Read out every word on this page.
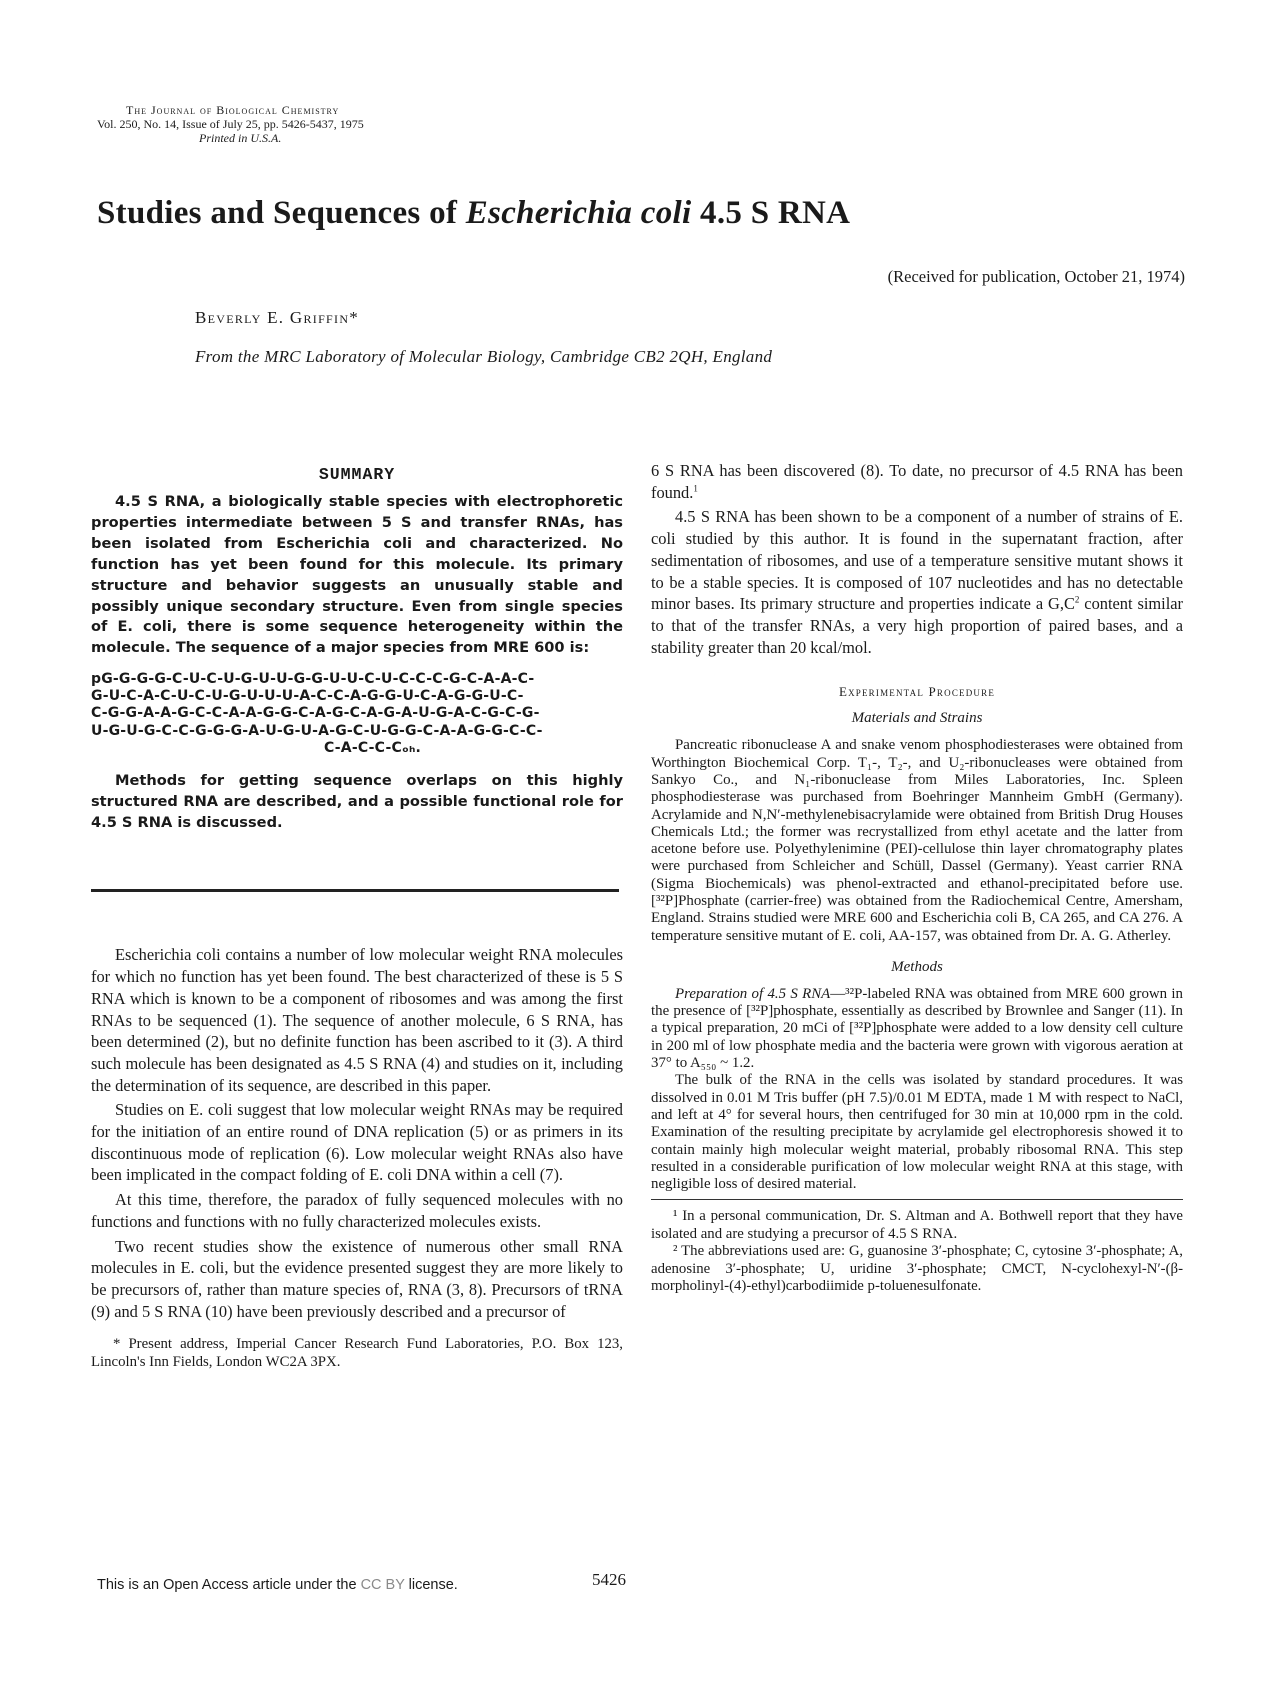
The Journal of Biological Chemistry
Vol. 250, No. 14, Issue of July 25, pp. 5426-5437, 1975
Printed in U.S.A.
Studies and Sequences of Escherichia coli 4.5 S RNA
(Received for publication, October 21, 1974)
Beverly E. Griffin*
From the MRC Laboratory of Molecular Biology, Cambridge CB2 2QH, England
SUMMARY

4.5 S RNA, a biologically stable species with electrophoretic properties intermediate between 5 S and transfer RNAs, has been isolated from Escherichia coli and characterized. No function has yet been found for this molecule. Its primary structure and behavior suggests an unusually stable and possibly unique secondary structure. Even from single species of E. coli, there is some sequence heterogeneity within the molecule. The sequence of a major species from MRE 600 is:

pG-G-G-G-C-U-C-U-G-U-U-G-G-U-U-C-U-C-C-C-G-C-A-A-C-
G-U-C-A-C-U-C-U-G-U-U-U-A-C-C-A-G-G-U-C-A-G-G-U-C-
C-G-G-A-A-G-C-C-A-A-G-G-C-A-G-C-A-G-A-U-G-A-C-G-C-G-
U-G-U-G-C-C-G-G-G-A-U-G-U-A-G-C-U-G-G-C-A-A-G-G-C-C-
C-A-C-C-Cₒₕ.

Methods for getting sequence overlaps on this highly structured RNA are described, and a possible functional role for 4.5 S RNA is discussed.

Escherichia coli contains a number of low molecular weight RNA molecules for which no function has yet been found. The best characterized of these is 5 S RNA which is known to be a component of ribosomes and was among the first RNAs to be sequenced (1). The sequence of another molecule, 6 S RNA, has been determined (2), but no definite function has been ascribed to it (3). A third such molecule has been designated as 4.5 S RNA (4) and studies on it, including the determination of its sequence, are described in this paper.

Studies on E. coli suggest that low molecular weight RNAs may be required for the initiation of an entire round of DNA replication (5) or as primers in its discontinuous mode of replication (6). Low molecular weight RNAs also have been implicated in the compact folding of E. coli DNA within a cell (7).

At this time, therefore, the paradox of fully sequenced molecules with no functions and functions with no fully characterized molecules exists.

Two recent studies show the existence of numerous other small RNA molecules in E. coli, but the evidence presented suggest they are more likely to be precursors of, rather than mature species of, RNA (3, 8). Precursors of tRNA (9) and 5 S RNA (10) have been previously described and a precursor of

* Present address, Imperial Cancer Research Fund Laboratories, P.O. Box 123, Lincoln's Inn Fields, London WC2A 3PX.

6 S RNA has been discovered (8). To date, no precursor of 4.5 RNA has been found.$^1$

4.5 S RNA has been shown to be a component of a number of strains of E. coli studied by this author. It is found in the supernatant fraction, after sedimentation of ribosomes, and use of a temperature sensitive mutant shows it to be a stable species. It is composed of 107 nucleotides and has no detectable minor bases. Its primary structure and properties indicate a $G,C^2$ content similar to that of the transfer RNAs, a very high proportion of paired bases, and a stability greater than 20 kcal/mol.

Experimental Procedure
Materials and Strains

Pancreatic ribonuclease A and snake venom phosphodiesterases were obtained from Worthington Biochemical Corp. T₁-, T₂-, and U₂-ribonucleases were obtained from Sankyo Co., and N₁-ribonuclease from Miles Laboratories, Inc. Spleen phosphodiesterase was purchased from Boehringer Mannheim GmbH (Germany). Acrylamide and N,N′-methylenebisacrylamide were obtained from British Drug Houses Chemicals Ltd.; the former was recrystallized from ethyl acetate and the latter from acetone before use. Polyethylenimine (PEI)-cellulose thin layer chromatography plates were purchased from Schleicher and Schüll, Dassel (Germany). Yeast carrier RNA (Sigma Biochemicals) was phenol-extracted and ethanol-precipitated before use. [³²P]Phosphate (carrier-free) was obtained from the Radiochemical Centre, Amersham, England. Strains studied were MRE 600 and Escherichia coli B, CA 265, and CA 276. A temperature sensitive mutant of E. coli, AA-157, was obtained from Dr. A. G. Atherley.

Methods

Preparation of 4.5 S RNA—³²P-labeled RNA was obtained from MRE 600 grown in the presence of [³²P]phosphate, essentially as described by Brownlee and Sanger (11). In a typical preparation, 20 mCi of [³²P]phosphate were added to a low density cell culture in 200 ml of low phosphate media and the bacteria were grown with vigorous aeration at 37° to A₅₅₀ ~ 1.2.

The bulk of the RNA in the cells was isolated by standard procedures. It was dissolved in 0.01 M Tris buffer (pH 7.5)/0.01 M EDTA, made 1 M with respect to NaCl, and left at 4° for several hours, then centrifuged for 30 min at 10,000 rpm in the cold. Examination of the resulting precipitate by acrylamide gel electrophoresis showed it to contain mainly high molecular weight material, probably ribosomal RNA. This step resulted in a considerable purification of low molecular weight RNA at this stage, with negligible loss of desired material.

¹ In a personal communication, Dr. S. Altman and A. Bothwell report that they have isolated and are studying a precursor of 4.5 S RNA.

² The abbreviations used are: G, guanosine 3′-phosphate; C, cytosine 3′-phosphate; A, adenosine 3′-phosphate; U, uridine 3′-phosphate; CMCT, N-cyclohexyl-N′-(β-morpholinyl-(4)-ethyl)carbodiimide p-toluenesulfonate.

5426
This is an Open Access article under the CC BY license.
